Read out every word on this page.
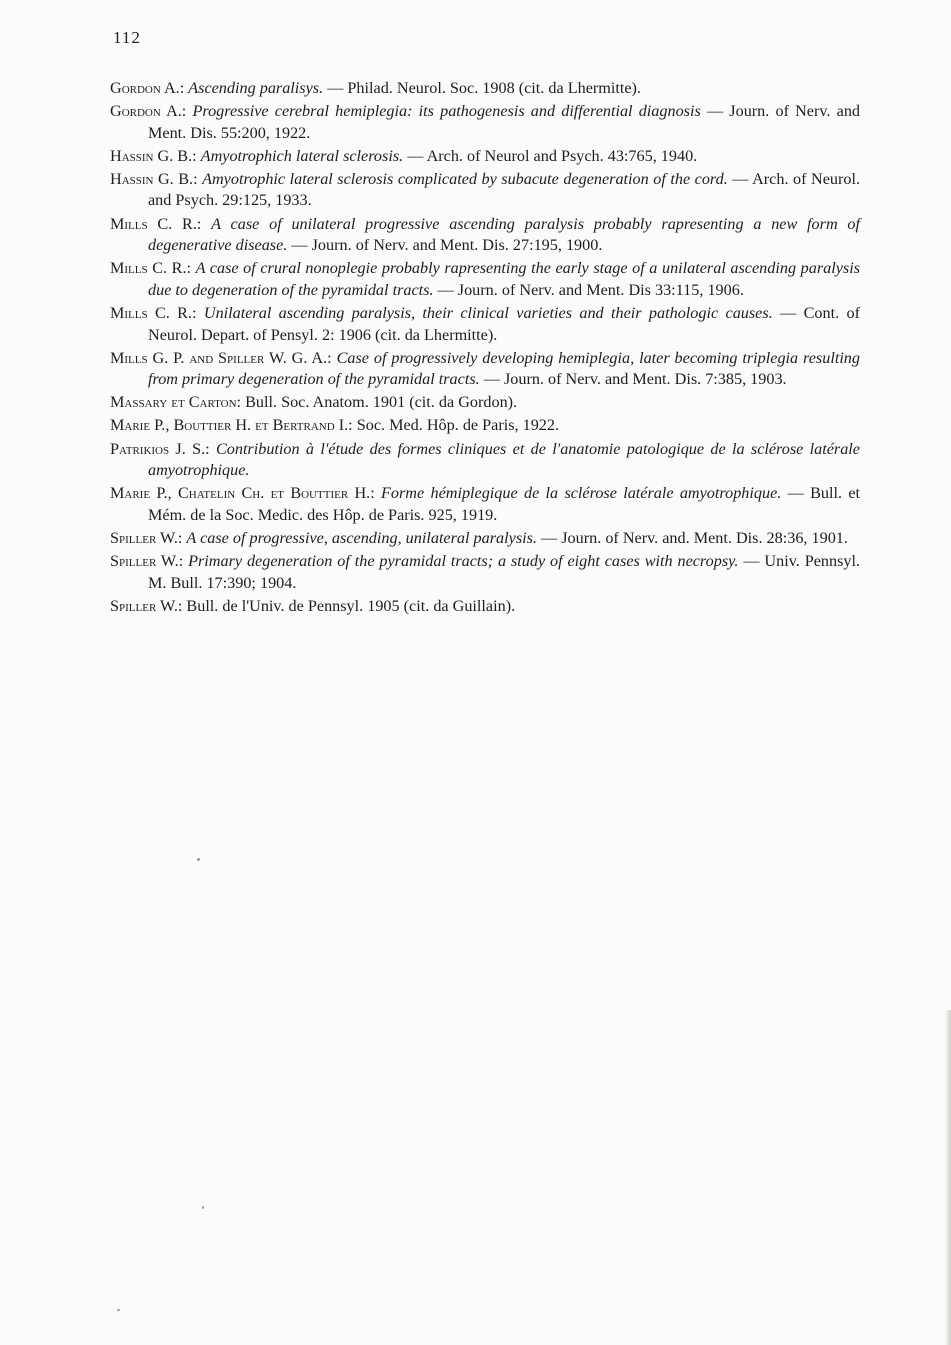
112

Gordon A.: Ascending paralisys. — Philad. Neurol. Soc. 1908 (cit. da Lhermitte).

Gordon A.: Progressive cerebral hemiplegia: its pathogenesis and differential diagnosis — Journ. of Nerv. and Ment. Dis. 55:200, 1922.

Hassin G. B.: Amyotrophich lateral sclerosis. — Arch. of Neurol and Psych. 43:765, 1940.

Hassin G. B.: Amyotrophic lateral sclerosis complicated by subacute degeneration of the cord. — Arch. of Neurol. and Psych. 29:125, 1933.

Mills C. R.: A case of unilateral progressive ascending paralysis probably rapresenting a new form of degenerative disease. — Journ. of Nerv. and Ment. Dis. 27:195, 1900.

Mills C. R.: A case of crural nonoplegie probably rapresenting the early stage of a unilateral ascending paralysis due to degeneration of the pyramidal tracts. — Journ. of Nerv. and Ment. Dis 33:115, 1906.

Mills C. R.: Unilateral ascending paralysis, their clinical varieties and their pathologic causes. — Cont. of Neurol. Depart. of Pensyl. 2: 1906 (cit. da Lhermitte).

Mills G. P. and Spiller W. G. A.: Case of progressively developing hemiplegia, later becoming triplegia resulting from primary degeneration of the pyramidal tracts. — Journ. of Nerv. and Ment. Dis. 7:385, 1903.

Massary et Carton: Bull. Soc. Anatom. 1901 (cit. da Gordon).

Marie P., Bouttier H. et Bertrand I.: Soc. Med. Hôp. de Paris, 1922.

Patrikios J. S.: Contribution à l'étude des formes cliniques et de l'anatomie patologique de la sclérose latérale amyotrophique.

Marie P., Chatelin Ch. et Bouttier H.: Forme hémiplegique de la sclérose latérale amyotrophique. — Bull. et Mém. de la Soc. Medic. des Hôp. de Paris. 925, 1919.

Spiller W.: A case of progressive, ascending, unilateral paralysis. — Journ. of Nerv. and. Ment. Dis. 28:36, 1901.

Spiller W.: Primary degeneration of the pyramidal tracts; a study of eight cases with necropsy. — Univ. Pennsyl. M. Bull. 17:390; 1904.

Spiller W.: Bull. de l'Univ. de Pennsyl. 1905 (cit. da Guillain).
